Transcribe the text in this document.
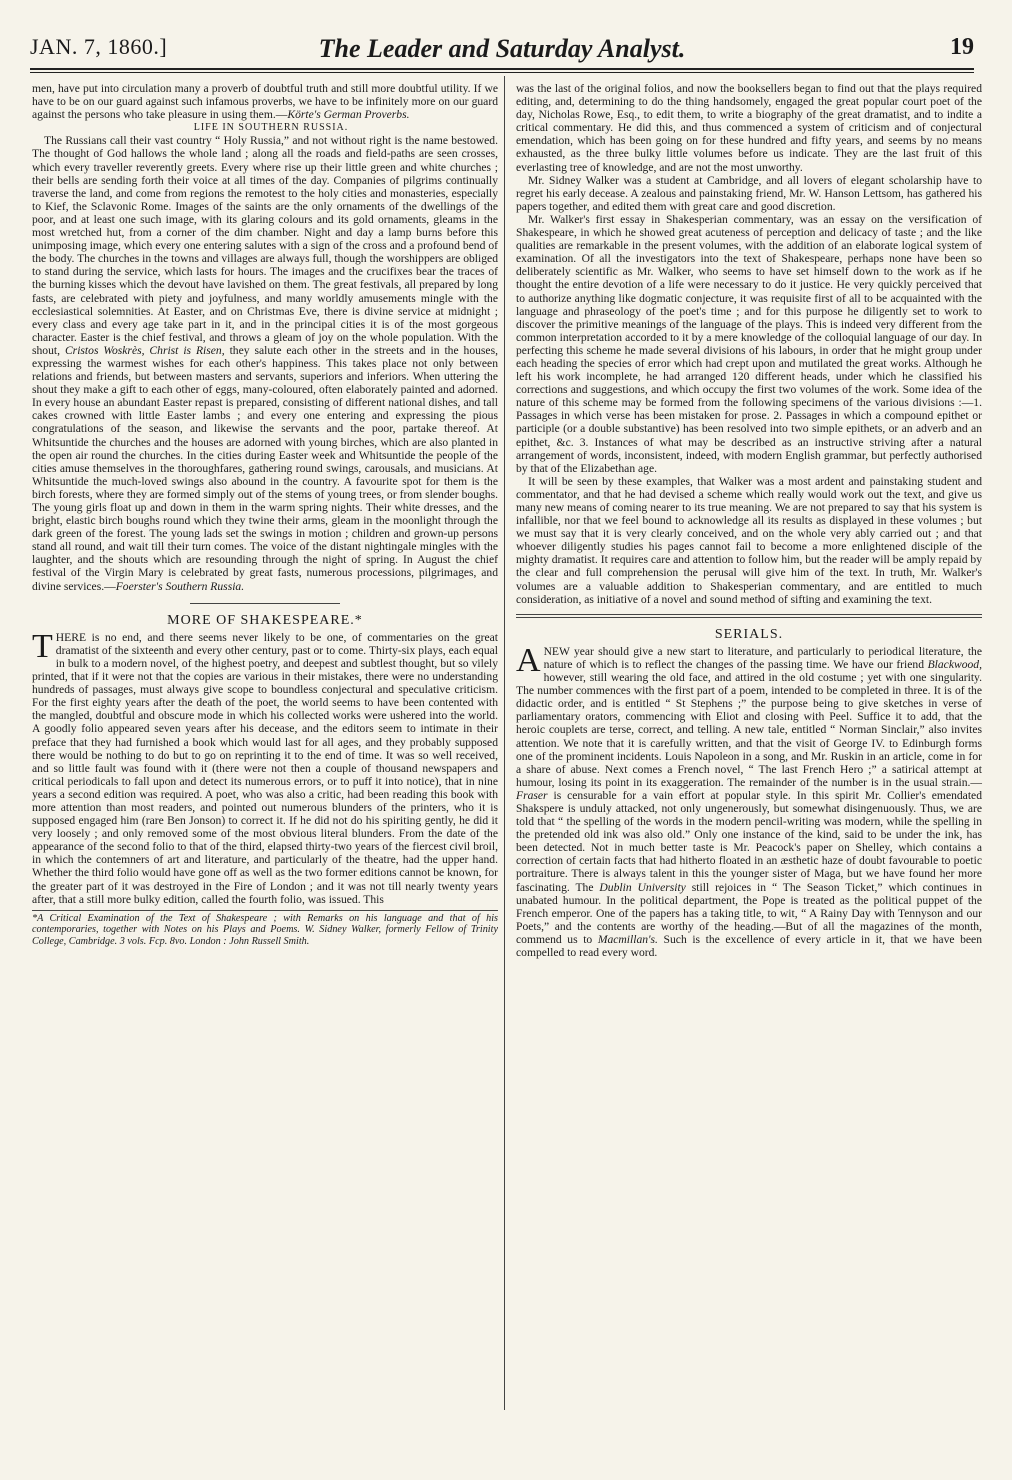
JAN. 7, 1860.]	The Leader and Saturday Analyst.	19

men, have put into circulation many a proverb of doubtful truth and still more doubtful utility. If we have to be on our guard against such infamous proverbs, we have to be infinitely more on our guard against the persons who take pleasure in using them.—Körte's German Proverbs.

LIFE IN SOUTHERN RUSSIA.

The Russians call their vast country “ Holy Russia,” and not without right is the name bestowed. The thought of God hallows the whole land ; along all the roads and field-paths are seen crosses, which every traveller reverently greets. Every where rise up their little green and white churches ; their bells are sending forth their voice at all times of the day. Companies of pilgrims continually traverse the land, and come from regions the remotest to the holy cities and monasteries, especially to Kief, the Sclavonic Rome. Images of the saints are the only ornaments of the dwellings of the poor, and at least one such image, with its glaring colours and its gold ornaments, gleams in the most wretched hut, from a corner of the dim chamber. Night and day a lamp burns before this unimposing image, which every one entering salutes with a sign of the cross and a profound bend of the body. The churches in the towns and villages are always full, though the worshippers are obliged to stand during the service, which lasts for hours. The images and the crucifixes bear the traces of the burning kisses which the devout have lavished on them. The great festivals, all prepared by long fasts, are celebrated with piety and joyfulness, and many worldly amusements mingle with the ecclesiastical solemnities. At Easter, and on Christmas Eve, there is divine service at midnight ; every class and every age take part in it, and in the principal cities it is of the most gorgeous character. Easter is the chief festival, and throws a gleam of joy on the whole population. With the shout, Cristos Woskrès, Christ is Risen, they salute each other in the streets and in the houses, expressing the warmest wishes for each other's happiness. This takes place not only between relations and friends, but between masters and servants, superiors and inferiors. When uttering the shout they make a gift to each other of eggs, many-coloured, often elaborately painted and adorned. In every house an abundant Easter repast is prepared, consisting of different national dishes, and tall cakes crowned with little Easter lambs ; and every one entering and expressing the pious congratulations of the season, and likewise the servants and the poor, partake thereof. At Whitsuntide the churches and the houses are adorned with young birches, which are also planted in the open air round the churches. In the cities during Easter week and Whitsuntide the people of the cities amuse themselves in the thoroughfares, gathering round swings, carousals, and musicians. At Whitsuntide the much-loved swings also abound in the country. A favourite spot for them is the birch forests, where they are formed simply out of the stems of young trees, or from slender boughs. The young girls float up and down in them in the warm spring nights. Their white dresses, and the bright, elastic birch boughs round which they twine their arms, gleam in the moonlight through the dark green of the forest. The young lads set the swings in motion ; children and grown-up persons stand all round, and wait till their turn comes. The voice of the distant nightingale mingles with the laughter, and the shouts which are resounding through the night of spring. In August the chief festival of the Virgin Mary is celebrated by great fasts, numerous processions, pilgrimages, and divine services.—Foerster's Southern Russia.

MORE OF SHAKESPEARE.*

THERE is no end, and there seems never likely to be one, of commentaries on the great dramatist of the sixteenth and every other century, past or to come. Thirty-six plays, each equal in bulk to a modern novel, of the highest poetry, and deepest and subtlest thought, but so vilely printed, that if it were not that the copies are various in their mistakes, there were no understanding hundreds of passages, must always give scope to boundless conjectural and speculative criticism. For the first eighty years after the death of the poet, the world seems to have been contented with the mangled, doubtful and obscure mode in which his collected works were ushered into the world. A goodly folio appeared seven years after his decease, and the editors seem to intimate in their preface that they had furnished a book which would last for all ages, and they probably supposed there would be nothing to do but to go on reprinting it to the end of time. It was so well received, and so little fault was found with it (there were not then a couple of thousand newspapers and critical periodicals to fall upon and detect its numerous errors, or to puff it into notice), that in nine years a second edition was required. A poet, who was also a critic, had been reading this book with more attention than most readers, and pointed out numerous blunders of the printers, who it is supposed engaged him (rare Ben Jonson) to correct it. If he did not do his spiriting gently, he did it very loosely ; and only removed some of the most obvious literal blunders. From the date of the appearance of the second folio to that of the third, elapsed thirty-two years of the fiercest civil broil, in which the contemners of art and literature, and particularly of the theatre, had the upper hand. Whether the third folio would have gone off as well as the two former editions cannot be known, for the greater part of it was destroyed in the Fire of London ; and it was not till nearly twenty years after, that a still more bulky edition, called the fourth folio, was issued. This

*A Critical Examination of the Text of Shakespeare ; with Remarks on his language and that of his contemporaries, together with Notes on his Plays and Poems. W. Sidney Walker, formerly Fellow of Trinity College, Cambridge. 3 vols. Fcp. 8vo. London : John Russell Smith.

was the last of the original folios, and now the booksellers began to find out that the plays required editing, and, determining to do the thing handsomely, engaged the great popular court poet of the day, Nicholas Rowe, Esq., to edit them, to write a biography of the great dramatist, and to indite a critical commentary. He did this, and thus commenced a system of criticism and of conjectural emendation, which has been going on for these hundred and fifty years, and seems by no means exhausted, as the three bulky little volumes before us indicate. They are the last fruit of this everlasting tree of knowledge, and are not the most unworthy.

Mr. Sidney Walker was a student at Cambridge, and all lovers of elegant scholarship have to regret his early decease. A zealous and painstaking friend, Mr. W. Hanson Lettsom, has gathered his papers together, and edited them with great care and good discretion.

Mr. Walker's first essay in Shakesperian commentary, was an essay on the versification of Shakespeare, in which he showed great acuteness of perception and delicacy of taste ; and the like qualities are remarkable in the present volumes, with the addition of an elaborate logical system of examination. Of all the investigators into the text of Shakespeare, perhaps none have been so deliberately scientific as Mr. Walker, who seems to have set himself down to the work as if he thought the entire devotion of a life were necessary to do it justice. He very quickly perceived that to authorize anything like dogmatic conjecture, it was requisite first of all to be acquainted with the language and phraseology of the poet's time ; and for this purpose he diligently set to work to discover the primitive meanings of the language of the plays. This is indeed very different from the common interpretation accorded to it by a mere knowledge of the colloquial language of our day. In perfecting this scheme he made several divisions of his labours, in order that he might group under each heading the species of error which had crept upon and mutilated the great works. Although he left his work incomplete, he had arranged 120 different heads, under which he classified his corrections and suggestions, and which occupy the first two volumes of the work. Some idea of the nature of this scheme may be formed from the following specimens of the various divisions :—1. Passages in which verse has been mistaken for prose. 2. Passages in which a compound epithet or participle (or a double substantive) has been resolved into two simple epithets, or an adverb and an epithet, &c. 3. Instances of what may be described as an instructive striving after a natural arrangement of words, inconsistent, indeed, with modern English grammar, but perfectly authorised by that of the Elizabethan age.

It will be seen by these examples, that Walker was a most ardent and painstaking student and commentator, and that he had devised a scheme which really would work out the text, and give us many new means of coming nearer to its true meaning. We are not prepared to say that his system is infallible, nor that we feel bound to acknowledge all its results as displayed in these volumes ; but we must say that it is very clearly conceived, and on the whole very ably carried out ; and that whoever diligently studies his pages cannot fail to become a more enlightened disciple of the mighty dramatist. It requires care and attention to follow him, but the reader will be amply repaid by the clear and full comprehension the perusal will give him of the text. In truth, Mr. Walker's volumes are a valuable addition to Shakesperian commentary, and are entitled to much consideration, as initiative of a novel and sound method of sifting and examining the text.

SERIALS.

ANEW year should give a new start to literature, and particularly to periodical literature, the nature of which is to reflect the changes of the passing time. We have our friend Blackwood, however, still wearing the old face, and attired in the old costume ; yet with one singularity. The number commences with the first part of a poem, intended to be completed in three. It is of the didactic order, and is entitled “ St Stephens ;” the purpose being to give sketches in verse of parliamentary orators, commencing with Eliot and closing with Peel. Suffice it to add, that the heroic couplets are terse, correct, and telling. A new tale, entitled “ Norman Sinclair,” also invites attention. We note that it is carefully written, and that the visit of George IV. to Edinburgh forms one of the prominent incidents. Louis Napoleon in a song, and Mr. Ruskin in an article, come in for a share of abuse. Next comes a French novel, “ The last French Hero ;” a satirical attempt at humour, losing its point in its exaggeration. The remainder of the number is in the usual strain.—Fraser is censurable for a vain effort at popular style. In this spirit Mr. Collier's emendated Shakspere is unduly attacked, not only ungenerously, but somewhat disingenuously. Thus, we are told that “ the spelling of the words in the modern pencil-writing was modern, while the spelling in the pretended old ink was also old.” Only one instance of the kind, said to be under the ink, has been detected. Not in much better taste is Mr. Peacock's paper on Shelley, which contains a correction of certain facts that had hitherto floated in an æsthetic haze of doubt favourable to poetic portraiture. There is always talent in this the younger sister of Maga, but we have found her more fascinating. The Dublin University still rejoices in “ The Season Ticket,” which continues in unabated humour. In the political department, the Pope is treated as the political puppet of the French emperor. One of the papers has a taking title, to wit, “ A Rainy Day with Tennyson and our Poets,” and the contents are worthy of the heading.—But of all the magazines of the month, commend us to Macmillan's. Such is the excellence of every article in it, that we have been compelled to read every word.
